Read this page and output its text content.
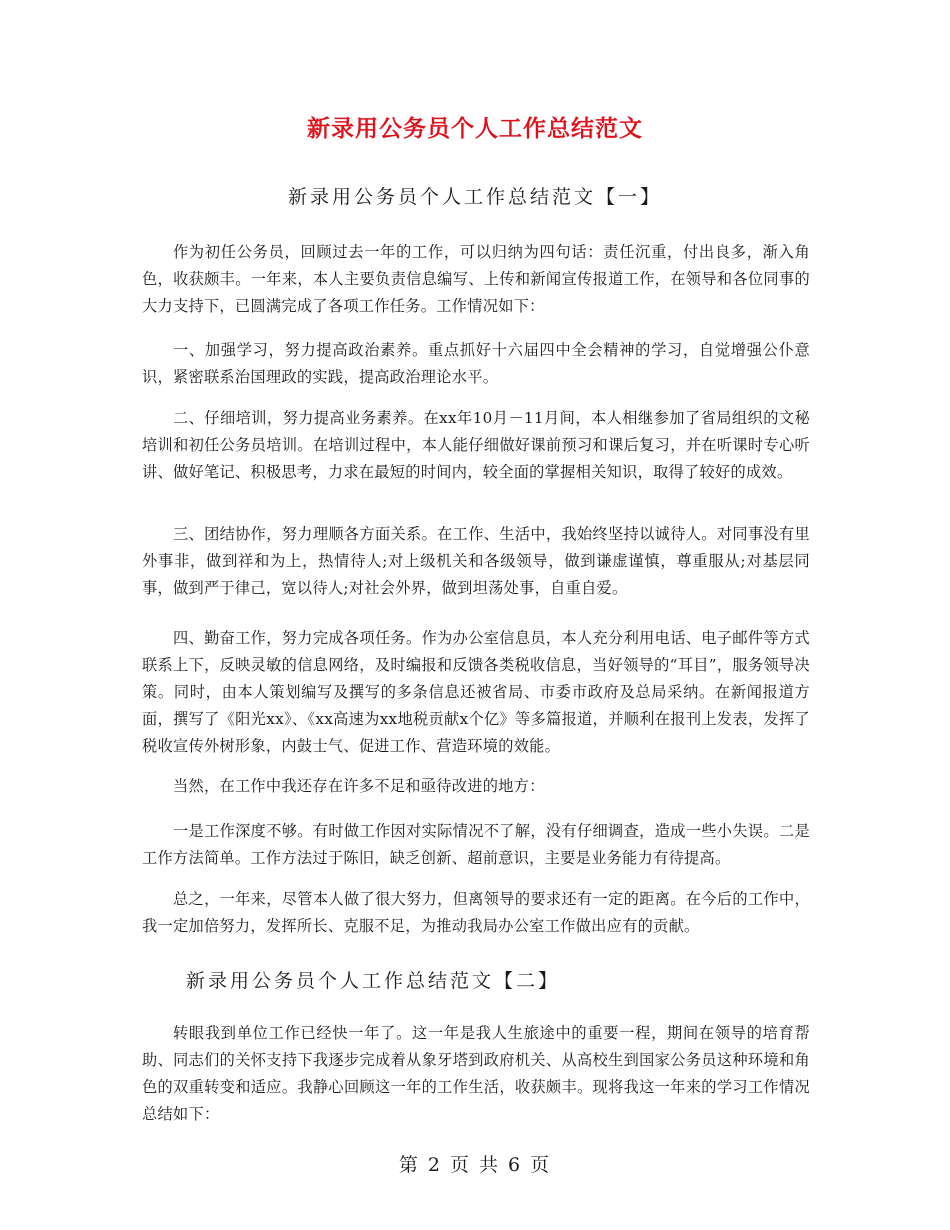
新录用公务员个人工作总结范文
新录用公务员个人工作总结范文【一】
作为初任公务员，回顾过去一年的工作，可以归纳为四句话：责任沉重，付出良多，渐入角色，收获颇丰。一年来，本人主要负责信息编写、上传和新闻宣传报道工作，在领导和各位同事的大力支持下，已圆满完成了各项工作任务。工作情况如下：
一、加强学习，努力提高政治素养。重点抓好十六届四中全会精神的学习，自觉增强公仆意识，紧密联系治国理政的实践，提高政治理论水平。
二、仔细培训，努力提高业务素养。在xx年10月－11月间，本人相继参加了省局组织的文秘培训和初任公务员培训。在培训过程中，本人能仔细做好课前预习和课后复习，并在听课时专心听讲、做好笔记、积极思考，力求在最短的时间内，较全面的掌握相关知识，取得了较好的成效。
三、团结协作，努力理顺各方面关系。在工作、生活中，我始终坚持以诚待人。对同事没有里外事非，做到祥和为上，热情待人;对上级机关和各级领导，做到谦虚谨慎，尊重服从;对基层同事，做到严于律己，宽以待人;对社会外界，做到坦荡处事，自重自爱。
四、勤奋工作，努力完成各项任务。作为办公室信息员，本人充分利用电话、电子邮件等方式联系上下，反映灵敏的信息网络，及时编报和反馈各类税收信息，当好领导的“耳目”，服务领导决策。同时，由本人策划编写及撰写的多条信息还被省局、市委市政府及总局采纳。在新闻报道方面，撰写了《阳光xx》、《xx高速为xx地税贡献x个亿》等多篇报道，并顺利在报刊上发表，发挥了税收宣传外树形象，内鼓士气、促进工作、营造环境的效能。
当然，在工作中我还存在许多不足和亟待改进的地方：
一是工作深度不够。有时做工作因对实际情况不了解，没有仔细调查，造成一些小失误。二是工作方法简单。工作方法过于陈旧，缺乏创新、超前意识，主要是业务能力有待提高。
总之，一年来，尽管本人做了很大努力，但离领导的要求还有一定的距离。在今后的工作中，我一定加倍努力，发挥所长、克服不足，为推动我局办公室工作做出应有的贡献。
新录用公务员个人工作总结范文【二】
转眼我到单位工作已经快一年了。这一年是我人生旅途中的重要一程，期间在领导的培育帮助、同志们的关怀支持下我逐步完成着从象牙塔到政府机关、从高校生到国家公务员这种环境和角色的双重转变和适应。我静心回顾这一年的工作生活，收获颇丰。现将我这一年来的学习工作情况总结如下：
第 2 页 共 6 页
